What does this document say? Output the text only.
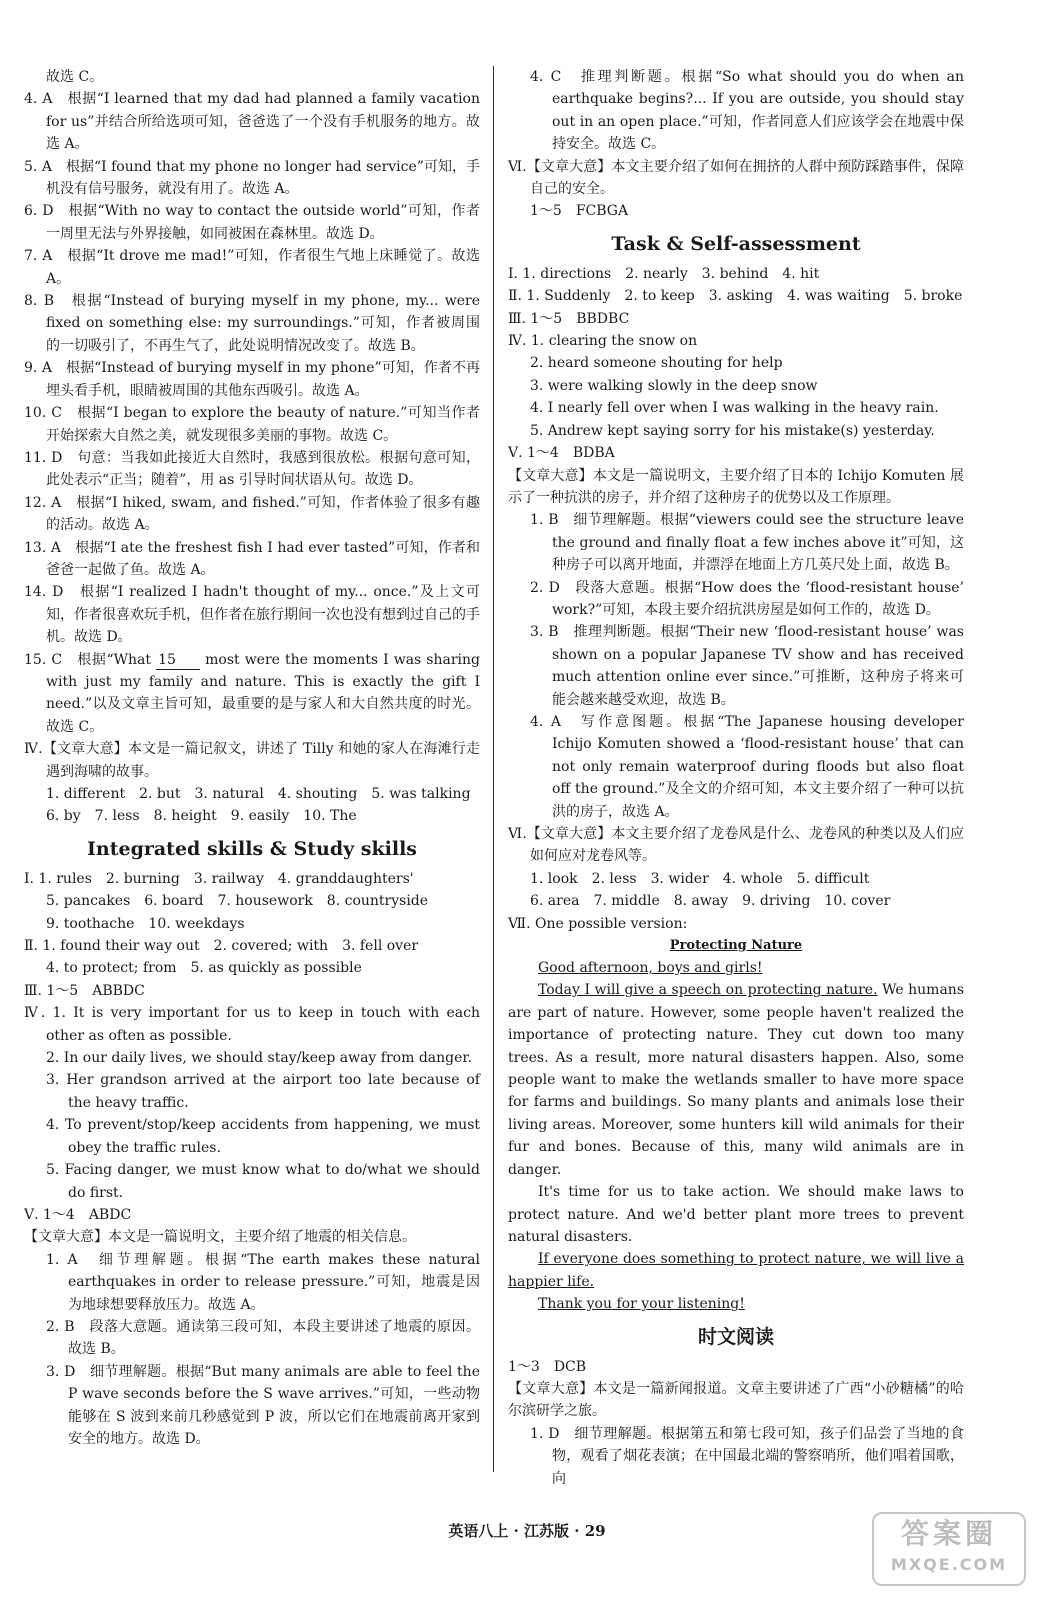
故选 C。

4. A　根据“I learned that my dad had planned a family vacation for us”并结合所给选项可知，爸爸选了一个没有手机服务的地方。故选 A。

5. A　根据“I found that my phone no longer had service”可知，手机没有信号服务，就没有用了。故选 A。

6. D　根据“With no way to contact the outside world”可知，作者一周里无法与外界接触，如同被困在森林里。故选 D。

7. A　根据“It drove me mad!”可知，作者很生气地上床睡觉了。故选 A。

8. B　根据“Instead of burying myself in my phone, my... were fixed on something else: my surroundings.”可知，作者被周围的一切吸引了，不再生气了，此处说明情况改变了。故选 B。

9. A　根据“Instead of burying myself in my phone”可知，作者不再埋头看手机，眼睛被周围的其他东西吸引。故选 A。

10. C　根据“I began to explore the beauty of nature.”可知当作者开始探索大自然之美，就发现很多美丽的事物。故选 C。

11. D　句意：当我如此接近大自然时，我感到很放松。根据句意可知，此处表示“正当；随着”，用 as 引导时间状语从句。故选 D。

12. A　根据“I hiked, swam, and fished.”可知，作者体验了很多有趣的活动。故选 A。

13. A　根据“I ate the freshest fish I had ever tasted”可知，作者和爸爸一起做了鱼。故选 A。

14. D　根据“I realized I hadn't thought of my... once.”及上文可知，作者很喜欢玩手机，但作者在旅行期间一次也没有想到过自己的手机。故选 D。

15. C　根据“What 15 most were the moments I was sharing with just my family and nature. This is exactly the gift I need.”以及文章主旨可知，最重要的是与家人和大自然共度的时光。故选 C。

Ⅳ.【文章大意】本文是一篇记叙文，讲述了 Tilly 和她的家人在海滩行走遇到海啸的故事。

1. different　2. but　3. natural　4. shouting　5. was talking

6. by　7. less　8. height　9. easily　10. The

Integrated skills & Study skills

Ⅰ. 1. rules　2. burning　3. railway　4. granddaughters'

5. pancakes　6. board　7. housework　8. countryside

9. toothache　10. weekdays

Ⅱ. 1. found their way out　2. covered; with　3. fell over

4. to protect; from　5. as quickly as possible

Ⅲ. 1～5　ABBDC

Ⅳ. 1. It is very important for us to keep in touch with each other as often as possible.

2. In our daily lives, we should stay/keep away from danger.

3. Her grandson arrived at the airport too late because of the heavy traffic.

4. To prevent/stop/keep accidents from happening, we must obey the traffic rules.

5. Facing danger, we must know what to do/what we should do first.

Ⅴ. 1～4　ABDC

【文章大意】本文是一篇说明文，主要介绍了地震的相关信息。

1. A　细节理解题。根据“The earth makes these natural earthquakes in order to release pressure.”可知，地震是因为地球想要释放压力。故选 A。

2. B　段落大意题。通读第三段可知，本段主要讲述了地震的原因。故选 B。

3. D　细节理解题。根据“But many animals are able to feel the P wave seconds before the S wave arrives.”可知，一些动物能够在 S 波到来前几秒感觉到 P 波，所以它们在地震前离开家到安全的地方。故选 D。

4. C　推理判断题。根据“So what should you do when an earthquake begins?... If you are outside, you should stay out in an open place.”可知，作者同意人们应该学会在地震中保持安全。故选 C。

Ⅵ.【文章大意】本文主要介绍了如何在拥挤的人群中预防踩踏事件，保障自己的安全。

1～5　FCBGA

Task & Self-assessment

Ⅰ. 1. directions　2. nearly　3. behind　4. hit

Ⅱ. 1. Suddenly　2. to keep　3. asking　4. was waiting　5. broke

Ⅲ. 1～5　BBDBC

Ⅳ. 1. clearing the snow on

2. heard someone shouting for help

3. were walking slowly in the deep snow

4. I nearly fell over when I was walking in the heavy rain.

5. Andrew kept saying sorry for his mistake(s) yesterday.

Ⅴ. 1～4　BDBA

【文章大意】本文是一篇说明文，主要介绍了日本的 Ichijo Komuten 展示了一种抗洪的房子，并介绍了这种房子的优势以及工作原理。

1. B　细节理解题。根据“viewers could see the structure leave the ground and finally float a few inches above it”可知，这种房子可以离开地面，并漂浮在地面上方几英尺处上面，故选 B。

2. D　段落大意题。根据“How does the ‘flood-resistant house’ work?”可知，本段主要介绍抗洪房屋是如何工作的，故选 D。

3. B　推理判断题。根据“Their new ‘flood-resistant house’ was shown on a popular Japanese TV show and has received much attention online ever since.”可推断，这种房子将来可能会越来越受欢迎，故选 B。

4. A　写作意图题。根据“The Japanese housing developer Ichijo Komuten showed a ‘flood-resistant house’ that can not only remain waterproof during floods but also float off the ground.”及全文的介绍可知，本文主要介绍了一种可以抗洪的房子，故选 A。

Ⅵ.【文章大意】本文主要介绍了龙卷风是什么、龙卷风的种类以及人们应如何应对龙卷风等。

1. look　2. less　3. wider　4. whole　5. difficult

6. area　7. middle　8. away　9. driving　10. cover

Ⅶ. One possible version:

Protecting Nature

Good afternoon, boys and girls!

Today I will give a speech on protecting nature. We humans are part of nature. However, some people haven't realized the importance of protecting nature. They cut down too many trees. As a result, more natural disasters happen. Also, some people want to make the wetlands smaller to have more space for farms and buildings. So many plants and animals lose their living areas. Moreover, some hunters kill wild animals for their fur and bones. Because of this, many wild animals are in danger.

It's time for us to take action. We should make laws to protect nature. And we'd better plant more trees to prevent natural disasters.

If everyone does something to protect nature, we will live a happier life.

Thank you for your listening!

时文阅读

1～3　DCB

【文章大意】本文是一篇新闻报道。文章主要讲述了广西“小砂糖橘”的哈尔滨研学之旅。

1. D　细节理解题。根据第五和第七段可知，孩子们品尝了当地的食物，观看了烟花表演；在中国最北端的警察哨所，他们唱着国歌，向

英语八上 · 江苏版 · 29	答案圈
MXQE.COM
